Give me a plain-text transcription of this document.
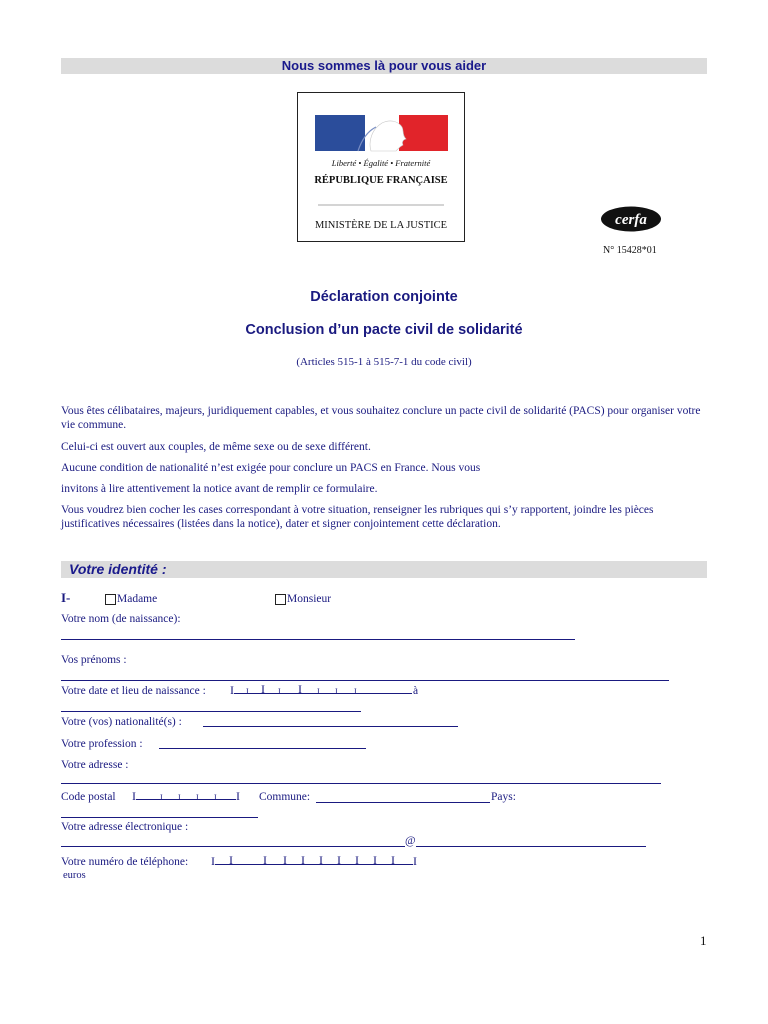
Nous sommes là pour vous aider
Liberté • Égalité • Fraternité
RÉPUBLIQUE FRANÇAISE
MINISTÈRE DE LA JUSTICE	cerfa
N° 15428*01
Déclaration conjointe
Conclusion d’un pacte civil de solidarité
(Articles 515-1 à 515-7-1 du code civil)
Vous êtes célibataires, majeurs, juridiquement capables, et vous souhaitez conclure un pacte civil de solidarité (PACS) pour organiser votre vie commune.
Celui-ci est ouvert aux couples, de même sexe ou de sexe différent.
Aucune condition de nationalité n’est exigée pour conclure un PACS en France. Nous vous
invitons à lire attentivement la notice avant de remplir ce formulaire.
Vous voudrez bien cocher les cases correspondant à votre situation, renseigner les rubriques qui s’y rapportent, joindre les pièces justificatives nécessaires (listées dans la notice), dater et signer conjointement cette déclaration.
Votre identité :
I-	Madame	Monsieur
Votre nom (de naissance):
Vos prénoms :
Votre date et lieu de naissance : I I I I I I I I	à
Votre (vos) nationalité(s) :
Votre profession :
Votre adresse :
Code postal I	I I I I I Commune:	Pays:
Votre adresse électronique :
@
Votre numéro de téléphone: I I	I I I I I I I I I
euros
1
